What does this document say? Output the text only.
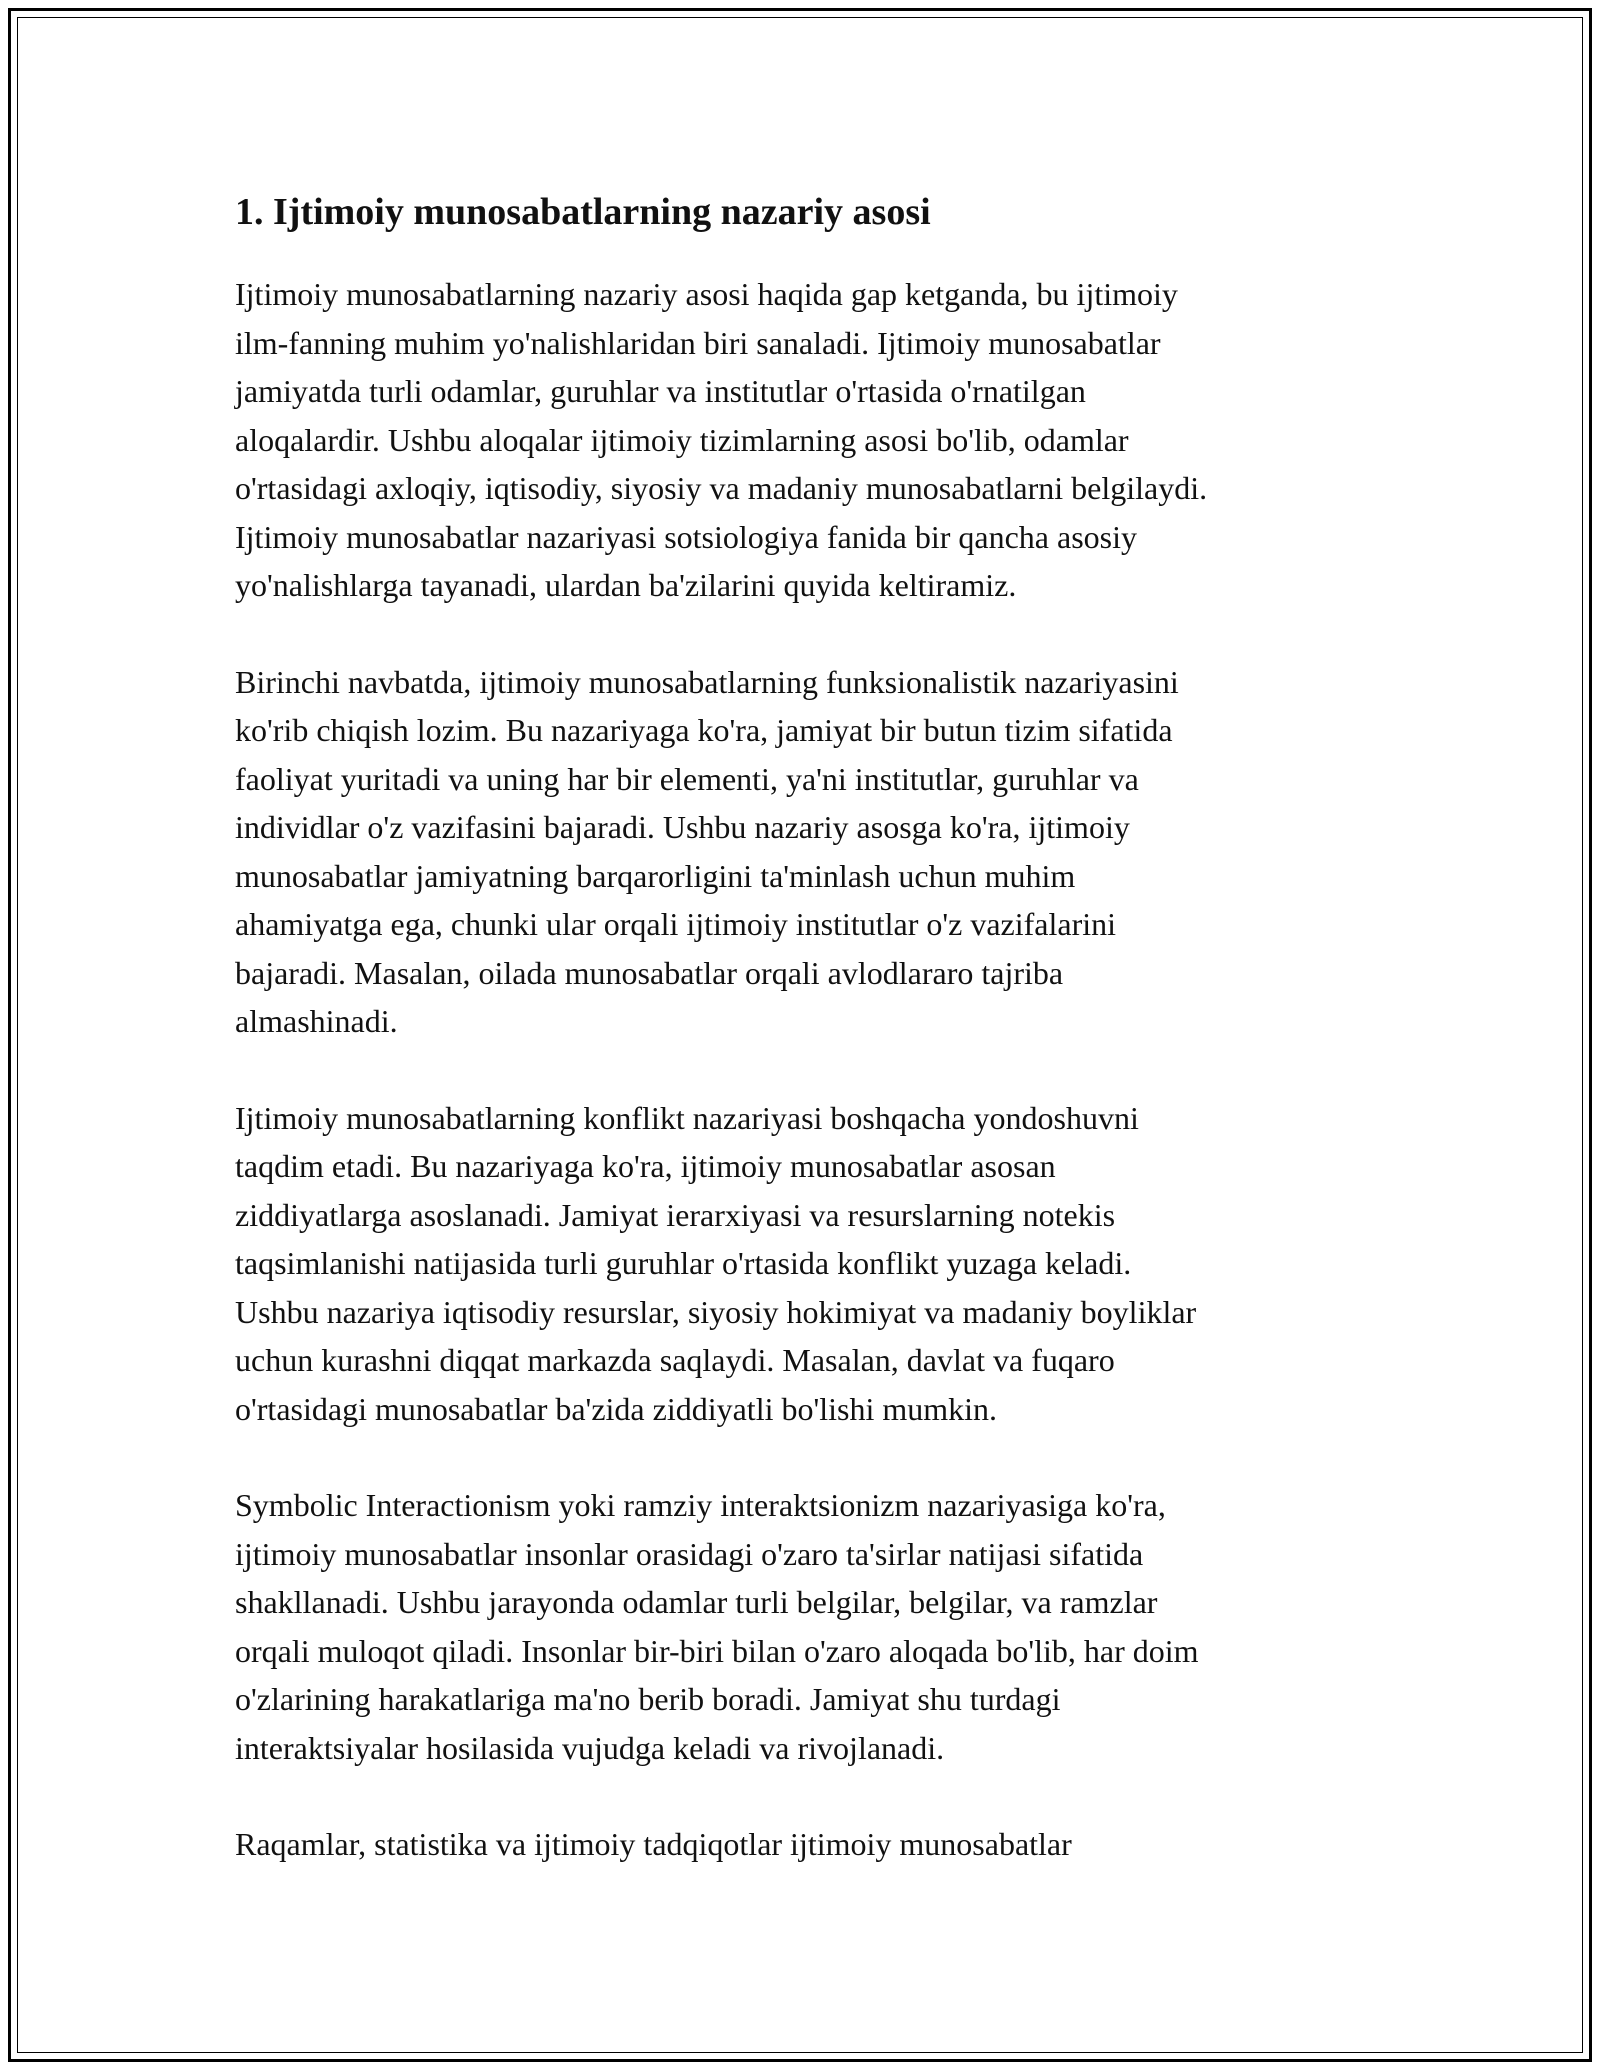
1. Ijtimoiy munosabatlarning nazariy asosi
Ijtimoiy munosabatlarning nazariy asosi haqida gap ketganda, bu ijtimoiy
ilm-fanning muhim yo'nalishlaridan biri sanaladi. Ijtimoiy munosabatlar
jamiyatda turli odamlar, guruhlar va institutlar o'rtasida o'rnatilgan
aloqalardir. Ushbu aloqalar ijtimoiy tizimlarning asosi bo'lib, odamlar
o'rtasidagi axloqiy, iqtisodiy, siyosiy va madaniy munosabatlarni belgilaydi.
Ijtimoiy munosabatlar nazariyasi sotsiologiya fanida bir qancha asosiy
yo'nalishlarga tayanadi, ulardan ba'zilarini quyida keltiramiz.
Birinchi navbatda, ijtimoiy munosabatlarning funksionalistik nazariyasini
ko'rib chiqish lozim. Bu nazariyaga ko'ra, jamiyat bir butun tizim sifatida
faoliyat yuritadi va uning har bir elementi, ya'ni institutlar, guruhlar va
individlar o'z vazifasini bajaradi. Ushbu nazariy asosga ko'ra, ijtimoiy
munosabatlar jamiyatning barqarorligini ta'minlash uchun muhim
ahamiyatga ega, chunki ular orqali ijtimoiy institutlar o'z vazifalarini
bajaradi. Masalan, oilada munosabatlar orqali avlodlararo tajriba
almashinadi.
Ijtimoiy munosabatlarning konflikt nazariyasi boshqacha yondoshuvni
taqdim etadi. Bu nazariyaga ko'ra, ijtimoiy munosabatlar asosan
ziddiyatlarga asoslanadi. Jamiyat ierarxiyasi va resurslarning notekis
taqsimlanishi natijasida turli guruhlar o'rtasida konflikt yuzaga keladi.
Ushbu nazariya iqtisodiy resurslar, siyosiy hokimiyat va madaniy boyliklar
uchun kurashni diqqat markazda saqlaydi. Masalan, davlat va fuqaro
o'rtasidagi munosabatlar ba'zida ziddiyatli bo'lishi mumkin.
Symbolic Interactionism yoki ramziy interaktsionizm nazariyasiga ko'ra,
ijtimoiy munosabatlar insonlar orasidagi o'zaro ta'sirlar natijasi sifatida
shakllanadi. Ushbu jarayonda odamlar turli belgilar, belgilar, va ramzlar
orqali muloqot qiladi. Insonlar bir-biri bilan o'zaro aloqada bo'lib, har doim
o'zlarining harakatlariga ma'no berib boradi. Jamiyat shu turdagi
interaktsiyalar hosilasida vujudga keladi va rivojlanadi.
Raqamlar, statistika va ijtimoiy tadqiqotlar ijtimoiy munosabatlar
